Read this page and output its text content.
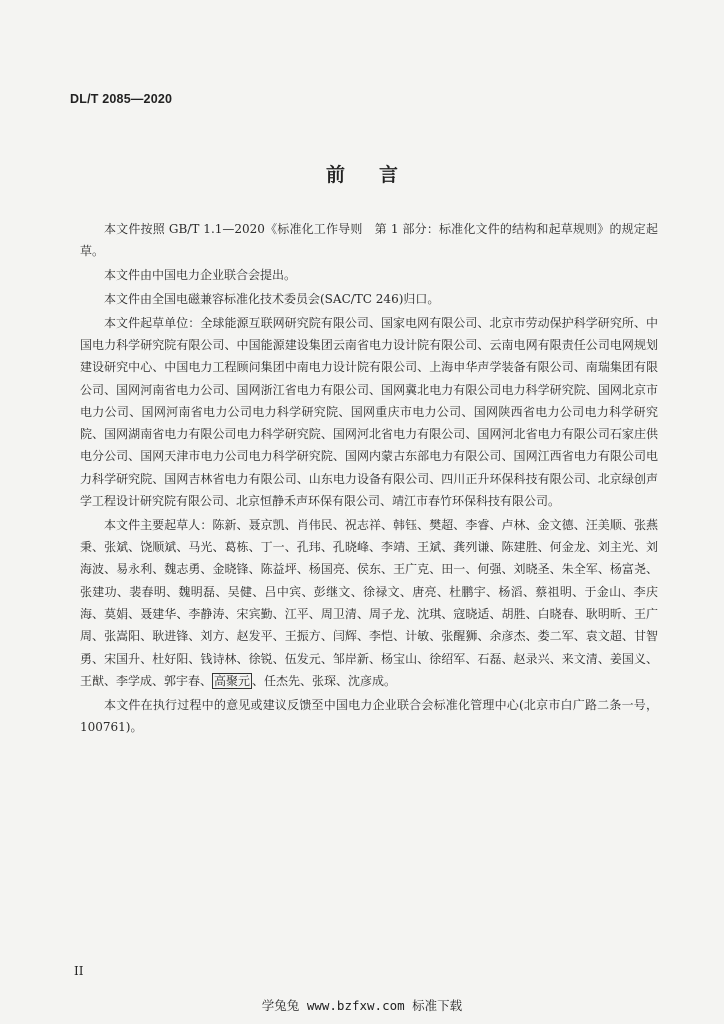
DL/T 2085—2020
前言

本文件按照 GB/T 1.1—2020《标准化工作导则　第 1 部分：标准化文件的结构和起草规则》的规定起草。

本文件由中国电力企业联合会提出。

本文件由全国电磁兼容标准化技术委员会(SAC/TC 246)归口。

本文件起草单位：全球能源互联网研究院有限公司、国家电网有限公司、北京市劳动保护科学研究所、中国电力科学研究院有限公司、中国能源建设集团云南省电力设计院有限公司、云南电网有限责任公司电网规划建设研究中心、中国电力工程顾问集团中南电力设计院有限公司、上海申华声学装备有限公司、南瑞集团有限公司、国网河南省电力公司、国网浙江省电力有限公司、国网冀北电力有限公司电力科学研究院、国网北京市电力公司、国网河南省电力公司电力科学研究院、国网重庆市电力公司、国网陕西省电力公司电力科学研究院、国网湖南省电力有限公司电力科学研究院、国网河北省电力有限公司、国网河北省电力有限公司石家庄供电分公司、国网天津市电力公司电力科学研究院、国网内蒙古东部电力有限公司、国网江西省电力有限公司电力科学研究院、国网吉林省电力有限公司、山东电力设备有限公司、四川正升环保科技有限公司、北京绿创声学工程设计研究院有限公司、北京恒静禾声环保有限公司、靖江市春竹环保科技有限公司。

本文件主要起草人：陈新、聂京凯、肖伟民、祝志祥、韩钰、樊超、李睿、卢林、金文德、汪美顺、张燕秉、张斌、饶顺斌、马光、葛栋、丁一、孔玮、孔晓峰、李靖、王斌、龚列谦、陈建胜、何金龙、刘主光、刘海波、易永利、魏志勇、金晓锋、陈益坪、杨国亮、侯东、王广克、田一、何强、刘晓圣、朱全军、杨富尧、张建功、裴春明、魏明磊、吴健、吕中宾、彭继文、徐禄文、唐亮、杜鹏宇、杨滔、蔡祖明、于金山、李庆海、莫娟、聂建华、李静涛、宋宾勤、江平、周卫清、周子龙、沈琪、寇晓适、胡胜、白晓春、耿明昕、王广周、张嵩阳、耿进锋、刘方、赵发平、王振方、闫辉、李恺、计敏、张醒狮、余彦杰、娄二军、袁文超、甘智勇、宋国升、杜好阳、钱诗林、徐锐、伍发元、邹岸新、杨宝山、徐绍军、石磊、赵录兴、来文清、姜国义、王猷、李学成、郭宇春、 高聚元 、任杰先、张琛、沈彦成。

本文件在执行过程中的意见或建议反馈至中国电力企业联合会标准化管理中心(北京市白广路二条一号，100761)。

II
学兔兔 www.bzfxw.com 标准下载
